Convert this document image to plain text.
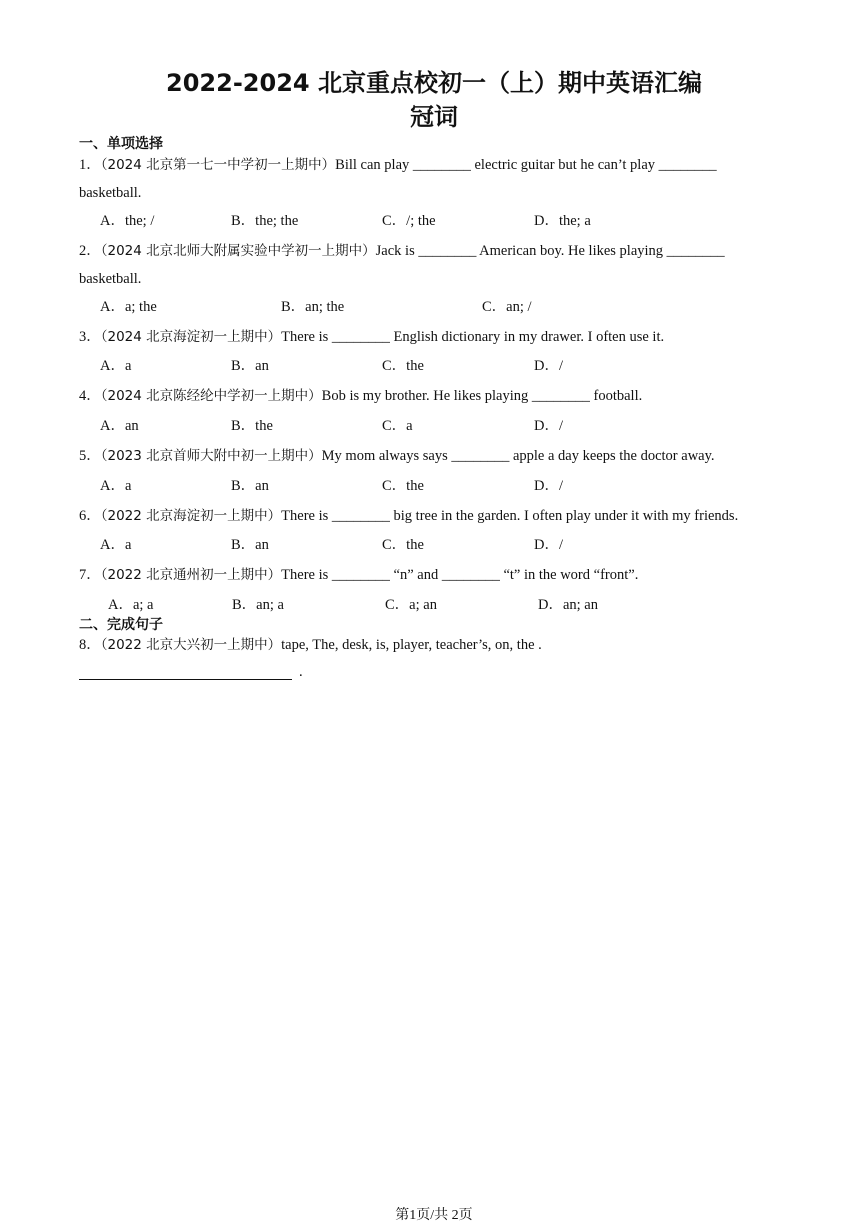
2022-2024 北京重点校初一（上）期中英语汇编
冠词
一、单项选择
1．（2024 北京第一七一中学初一上期中）Bill can play ________ electric guitar but he can’t play ________
basketball.
A．the; /	B．the; the	C．/; the	D．the; a
2．（2024 北京北师大附属实验中学初一上期中）Jack is ________ American boy. He likes playing ________
basketball.
A．a; the	B．an; the	C．an; /
3．（2024 北京海淀初一上期中）There is ________ English dictionary in my drawer. I often use it.
A．a	B．an	C．the	D．/
4．（2024 北京陈经纶中学初一上期中）Bob is my brother. He likes playing ________ football.
A．an	B．the	C．a	D．/
5．（2023 北京首师大附中初一上期中）My mom always says ________ apple a day keeps the doctor away.
A．a	B．an	C．the	D．/
6．（2022 北京海淀初一上期中）There is ________ big tree in the garden. I often play under it with my friends.
A．a	B．an	C．the	D．/
7．（2022 北京通州初一上期中）There is ________ “n” and ________ “t” in the word “front”.
A．a; a	B．an; a	C．a; an	D．an; an
二、完成句子
8．（2022 北京大兴初一上期中）tape, The, desk, is, player, teacher’s, on, the .
.
第1页/共 2页
